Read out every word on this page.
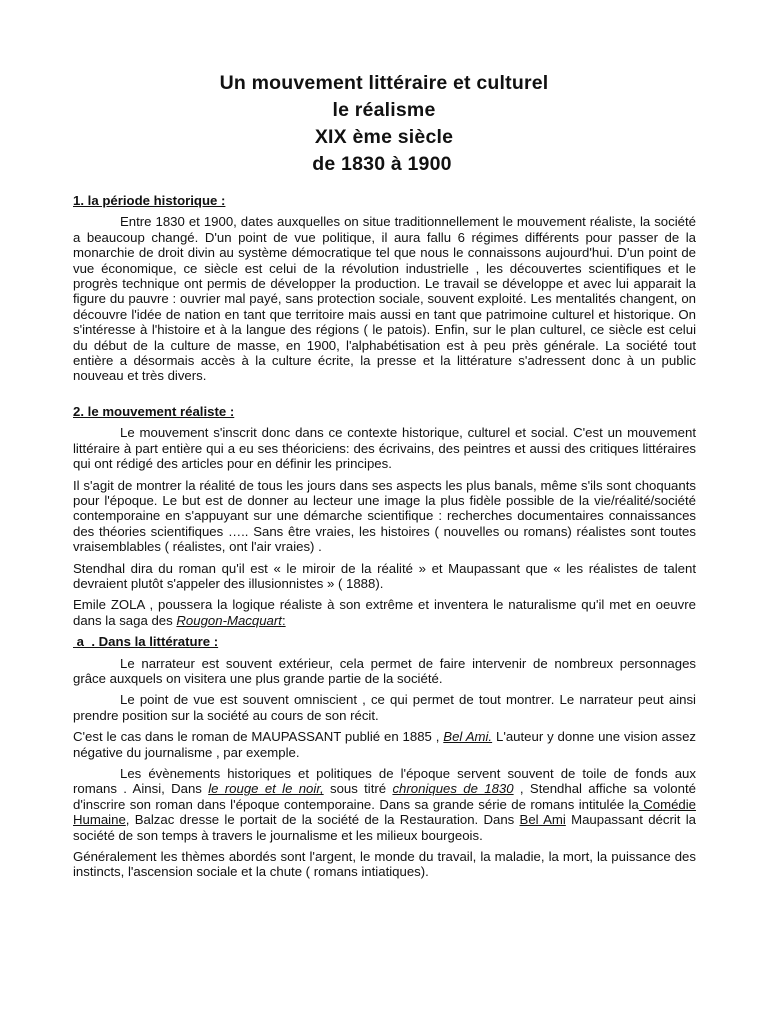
Un mouvement littéraire et culturel
le réalisme
XIX ème siècle
de 1830 à 1900
1. la période historique :

Entre 1830 et 1900, dates auxquelles on situe traditionnellement le mouvement réaliste, la société a beaucoup changé. D'un point de vue politique, il aura fallu 6 régimes différents pour passer de la monarchie de droit divin au système démocratique tel que nous le connaissons aujourd'hui. D'un point de vue économique, ce siècle est celui de la révolution industrielle , les découvertes scientifiques et le progrès technique ont permis de développer la production. Le travail se développe et avec lui apparait la figure du pauvre : ouvrier mal payé, sans protection sociale, souvent exploité. Les mentalités changent, on découvre l'idée de nation en tant que territoire mais aussi en tant que patrimoine culturel et historique. On s'intéresse à l'histoire et à la langue des régions ( le patois). Enfin, sur le plan culturel, ce siècle est celui du début de la culture de masse, en 1900, l'alphabétisation est à peu près générale. La société tout entière a désormais accès à la culture écrite, la presse et la littérature s'adressent donc à un public nouveau et très divers.

2. le mouvement réaliste :

Le mouvement s'inscrit donc dans ce contexte historique, culturel et social. C'est un mouvement littéraire à part entière qui a eu ses théoriciens: des écrivains, des peintres et aussi des critiques littéraires qui ont rédigé des articles pour en définir les principes.

Il s'agit de montrer la réalité de tous les jours dans ses aspects les plus banals, même s'ils sont choquants pour l'époque. Le but est de donner au lecteur une image la plus fidèle possible de la vie/réalité/société contemporaine en s'appuyant sur une démarche scientifique : recherches documentaires connaissances des théories scientifiques ….. Sans être vraies, les histoires ( nouvelles ou romans) réalistes sont toutes vraisemblables ( réalistes, ont l'air vraies) .

Stendhal dira du roman qu'il est « le miroir de la réalité » et Maupassant que « les réalistes de talent devraient plutôt s'appeler des illusionnistes » ( 1888).

Emile ZOLA , poussera la logique réaliste à son extrême et inventera le naturalisme qu'il met en oeuvre dans la saga des Rougon-Macquart:

a  . Dans la littérature :

Le narrateur est souvent extérieur, cela permet de faire intervenir de nombreux personnages grâce auxquels on visitera une plus grande partie de la société.

Le point de vue est souvent omniscient , ce qui permet de tout montrer. Le narrateur peut ainsi prendre position sur la société au cours de son récit.

C'est le cas dans le roman de MAUPASSANT publié en 1885 , Bel Ami. L'auteur y donne une vision assez négative du journalisme , par exemple.

Les évènements historiques et politiques de l'époque servent souvent de toile de fonds aux romans . Ainsi, Dans le rouge et le noir, sous titré chroniques de 1830 , Stendhal affiche sa volonté d'inscrire son roman dans l'époque contemporaine. Dans sa grande série de romans intitulée la Comédie Humaine, Balzac dresse le portait de la société de la Restauration. Dans Bel Ami Maupassant décrit la société de son temps à travers le journalisme et les milieux bourgeois.

Généralement les thèmes abordés sont l'argent, le monde du travail, la maladie, la mort, la puissance des instincts, l'ascension sociale et la chute ( romans intiatiques).
